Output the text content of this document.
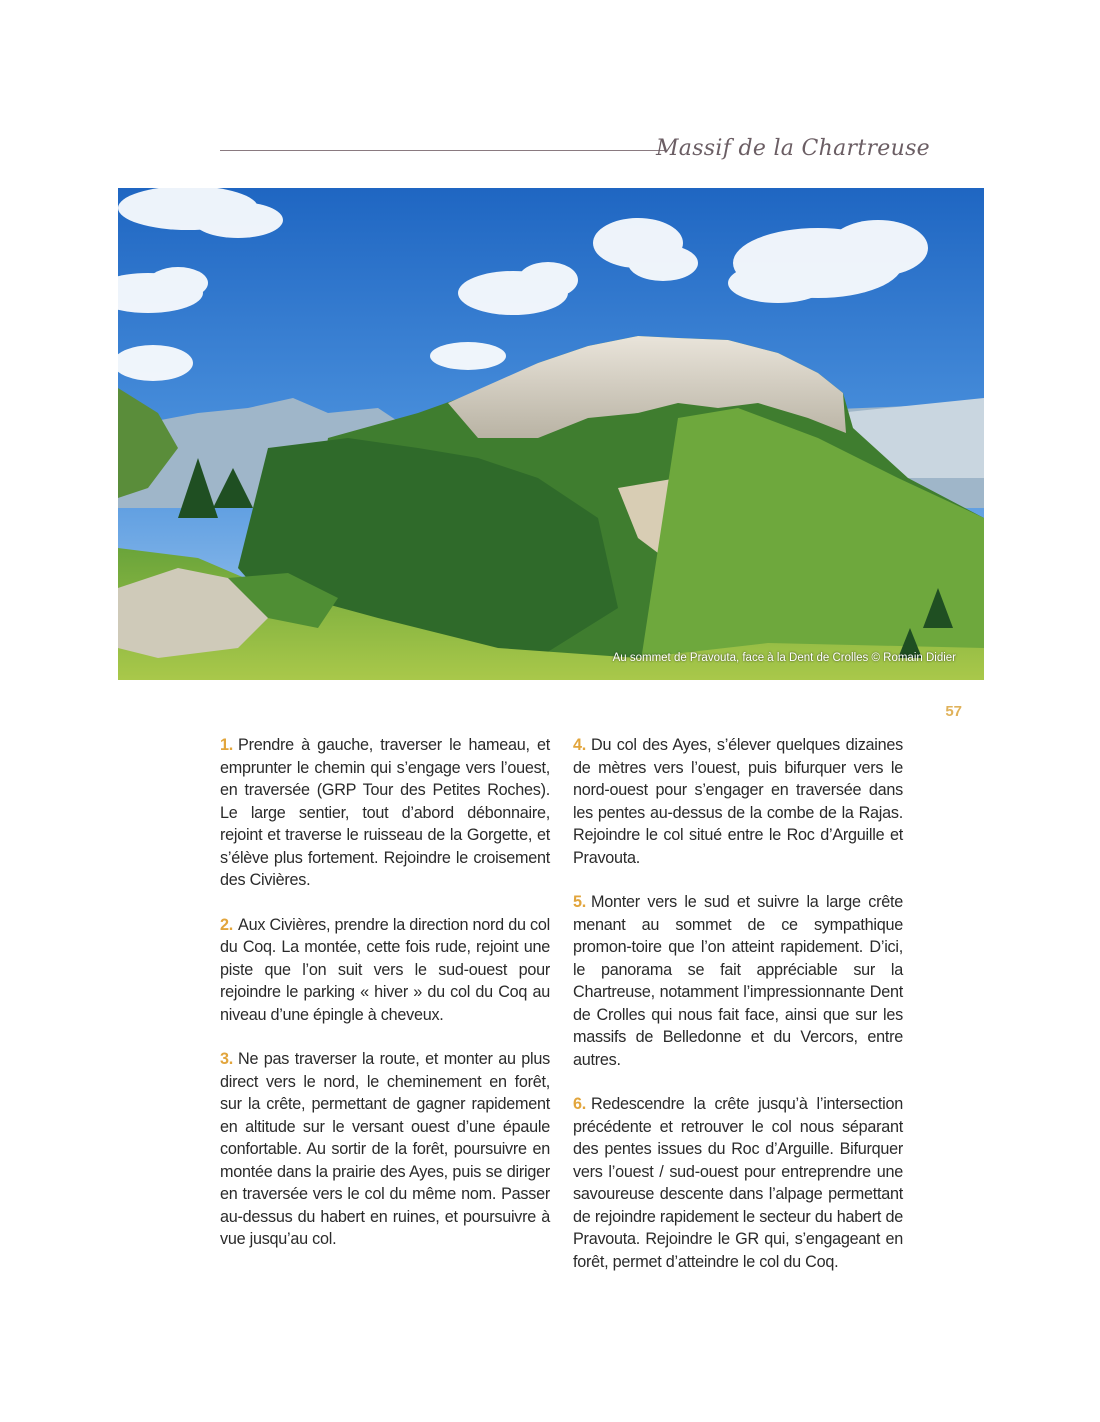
Massif de la Chartreuse
Au sommet de Pravouta, face à la Dent de Crolles © Romain Didier
57

1. Prendre à gauche, traverser le hameau, et emprunter le chemin qui s’engage vers l’ouest, en traversée (GRP Tour des Petites Roches). Le large sentier, tout d’abord débonnaire, rejoint et traverse le ruisseau de la Gorgette, et s’élève plus fortement. Rejoindre le croisement des Civières.

2. Aux Civières, prendre la direction nord du col du Coq. La montée, cette fois rude, rejoint une piste que l’on suit vers le sud-ouest pour rejoindre le parking « hiver » du col du Coq au niveau d’une épingle à cheveux.

3. Ne pas traverser la route, et monter au plus direct vers le nord, le cheminement en forêt, sur la crête, permettant de gagner rapidement en altitude sur le versant ouest d’une épaule confortable. Au sortir de la forêt, poursuivre en montée dans la prairie des Ayes, puis se diriger en traversée vers le col du même nom. Passer au-dessus du habert en ruines, et poursuivre à vue jusqu’au col.

4. Du col des Ayes, s’élever quelques dizaines de mètres vers l’ouest, puis bifurquer vers le nord-ouest pour s’engager en traversée dans les pentes au-dessus de la combe de la Rajas. Rejoindre le col situé entre le Roc d’Arguille et Pravouta.

5. Monter vers le sud et suivre la large crête menant au sommet de ce sympathique promon-toire que l’on atteint rapidement. D’ici, le panorama se fait appréciable sur la Chartreuse, notamment l’impressionnante Dent de Crolles qui nous fait face, ainsi que sur les massifs de Belledonne et du Vercors, entre autres.

6. Redescendre la crête jusqu’à l’intersection précédente et retrouver le col nous séparant des pentes issues du Roc d’Arguille. Bifurquer vers l’ouest / sud-ouest pour entreprendre une savoureuse descente dans l’alpage permettant de rejoindre rapidement le secteur du habert de Pravouta. Rejoindre le GR qui, s’engageant en forêt, permet d’atteindre le col du Coq.
